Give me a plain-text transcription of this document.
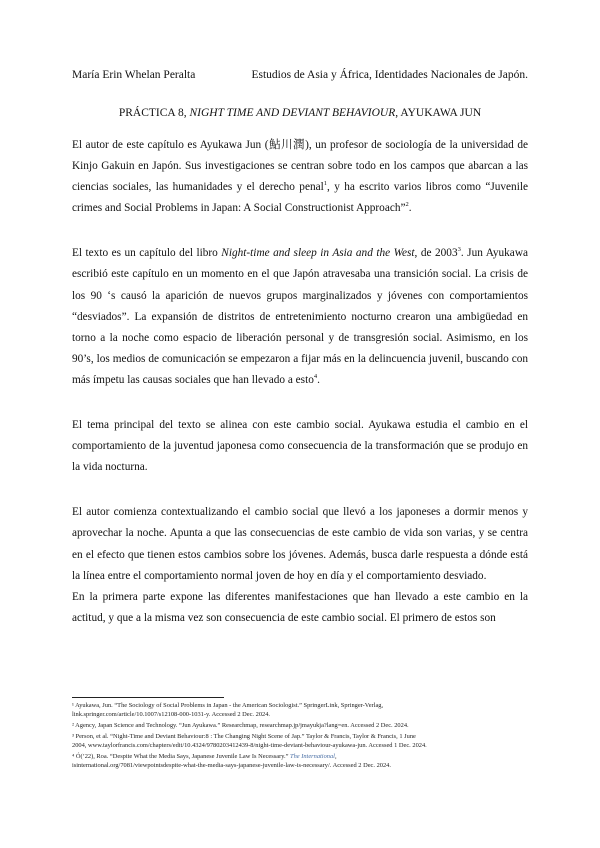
María Erin Whelan Peralta	Estudios de Asia y África, Identidades Nacionales de Japón.
PRÁCTICA 8, NIGHT TIME AND DEVIANT BEHAVIOUR, AYUKAWA JUN

El autor de este capítulo es Ayukawa Jun (鮎川潤), un profesor de sociología de la universidad de Kinjo Gakuin en Japón. Sus investigaciones se centran sobre todo en los campos que abarcan a las ciencias sociales, las humanidades y el derecho penal$^1$, y ha escrito varios libros como “Juvenile crimes and Social Problems in Japan: A Social Constructionist Approach”$^2$.

El texto es un capítulo del libro Night-time and sleep in Asia and the West, de 2003$^3$. Jun Ayukawa escribió este capítulo en un momento en el que Japón atravesaba una transición social. La crisis de los 90 ‘s causó la aparición de nuevos grupos marginalizados y jóvenes con comportamientos “desviados”. La expansión de distritos de entretenimiento nocturno crearon una ambigüedad en torno a la noche como espacio de liberación personal y de transgresión social. Asimismo, en los 90’s, los medios de comunicación se empezaron a fijar más en la delincuencia juvenil, buscando con más ímpetu las causas sociales que han llevado a esto$^4$.

El tema principal del texto se alinea con este cambio social. Ayukawa estudia el cambio en el comportamiento de la juventud japonesa como consecuencia de la transformación que se produjo en la vida nocturna.

El autor comienza contextualizando el cambio social que llevó a los japoneses a dormir menos y aprovechar la noche. Apunta a que las consecuencias de este cambio de vida son varias, y se centra en el efecto que tienen estos cambios sobre los jóvenes. Además, busca darle respuesta a dónde está la línea entre el comportamiento normal joven de hoy en día y el comportamiento desviado.

En la primera parte expone las diferentes manifestaciones que han llevado a este cambio en la actitud, y que a la misma vez son consecuencia de este cambio social. El primero de estos son

¹ Ayukawa, Jun. “The Sociology of Social Problems in Japan - the American Sociologist.” SpringerLink, Springer-Verlag,
link.springer.com/article/10.1007/s12108-000-1031-y. Accessed 2 Dec. 2024.
² Agency, Japan Science and Technology. “Jun Ayukawa.” Researchmap, researchmap.jp/jmayukja?lang=en. Accessed 2 Dec. 2024.
³ Person, et al. “Night-Time and Deviant Behaviour:8 : The Changing Night Scene of Jap.” Taylor & Francis, Taylor & Francis, 1 June
2004, www.taylorfrancis.com/chapters/edit/10.4324/9780203412439-8/night-time-deviant-behaviour-ayukawa-jun. Accessed 1 Dec. 2024.
⁴ Ó(’22), Roa. “Despite What the Media Says, Japanese Juvenile Law Is Necessary.” The International,
isinternational.org/7081/viewpointsdespite-what-the-media-says-japanese-juvenile-law-is-necessary/. Accessed 2 Dec. 2024.
